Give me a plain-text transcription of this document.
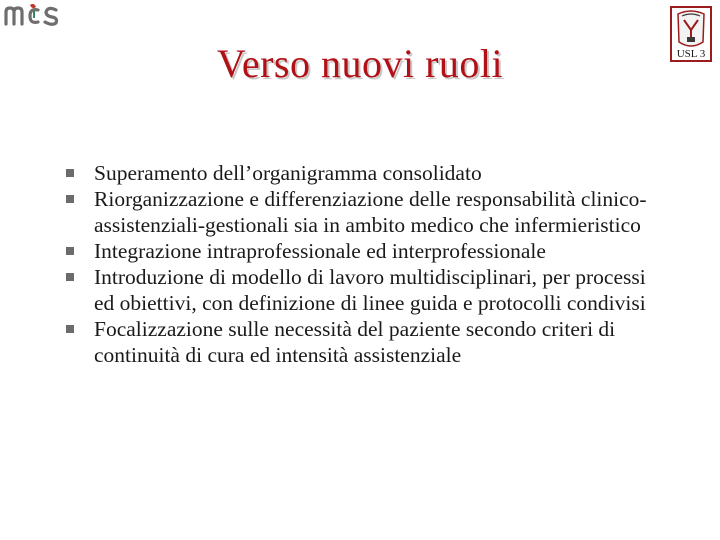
USL 3
Verso nuovi ruoli
Superamento dell’organigramma consolidato
Riorganizzazione e differenziazione delle responsabilità clinico-assistenziali-gestionali sia in ambito medico che infermieristico
Integrazione intraprofessionale ed interprofessionale
Introduzione di modello di lavoro multidisciplinari, per processi ed obiettivi, con definizione di linee guida e protocolli condivisi
Focalizzazione sulle necessità del paziente secondo criteri di continuità di cura ed intensità assistenziale
